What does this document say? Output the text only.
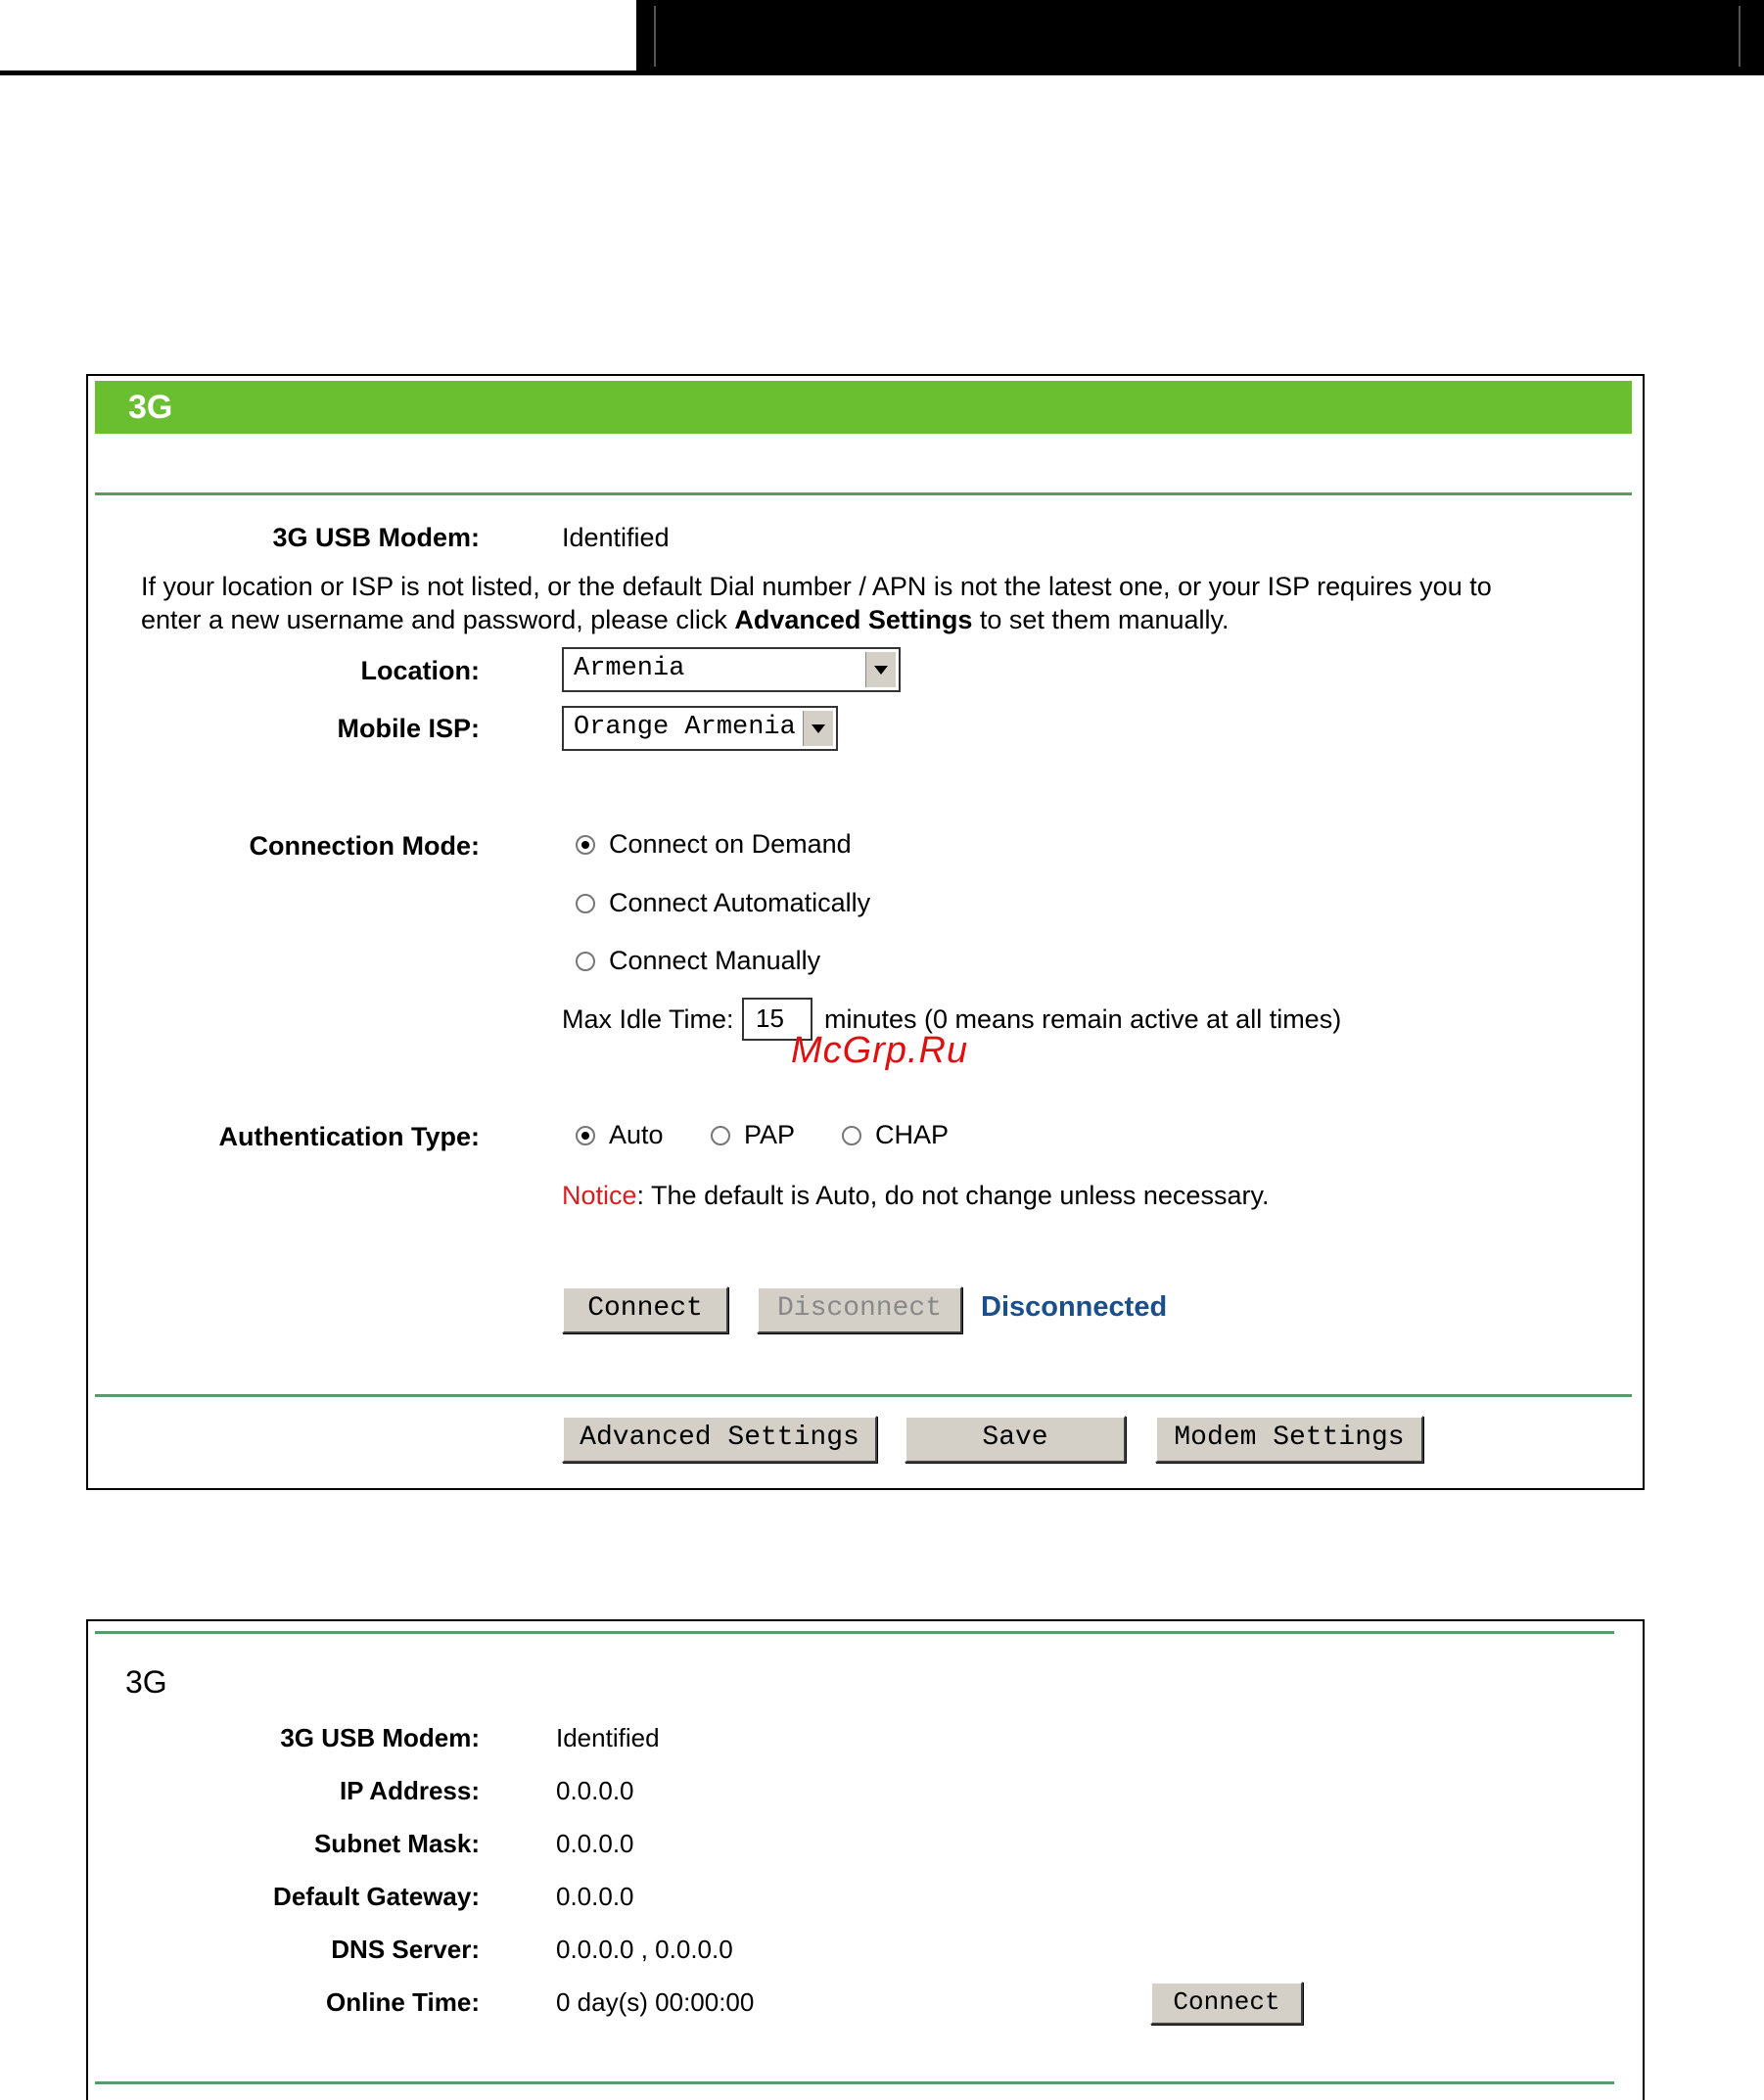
3G
3G USB Modem:	Identified
If your location or ISP is not listed, or the default Dial number / APN is not the latest one, or your ISP requires you to
enter a new username and password, please click Advanced Settings to set them manually.
Location:	Armenia
Mobile ISP:	Orange Armenia
Connection Mode:	Connect on Demand
Connect Automatically
Connect Manually
Max Idle Time: 15	minutes (0 means remain active at all times)
McGrp.Ru
Authentication Type:	Auto	PAP	CHAP
Notice: The default is Auto, do not change unless necessary.
Connect	Disconnect	Disconnected
Advanced Settings	Save	Modem Settings
3G
3G USB Modem:	Identified
IP Address:	0.0.0.0
Subnet Mask:	0.0.0.0
Default Gateway:	0.0.0.0
DNS Server:	0.0.0.0 , 0.0.0.0
Online Time:	0 day(s) 00:00:00	Connect
